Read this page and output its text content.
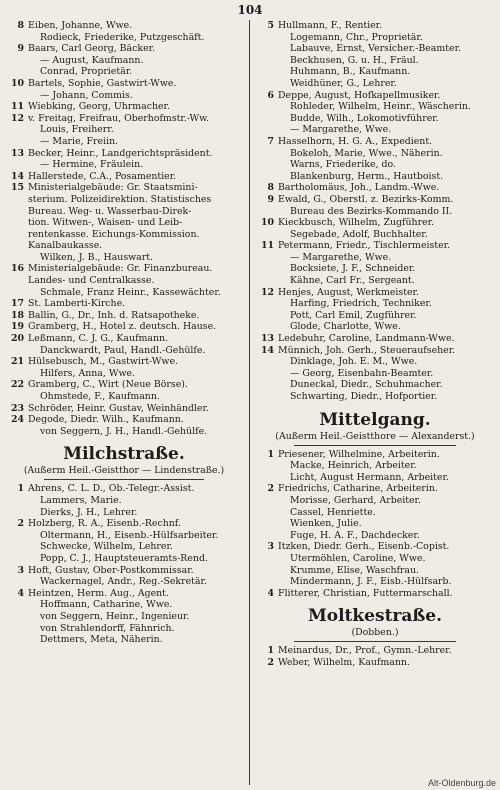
104
8 Eiben, Johanne, Wwe.
Rodieck, Friederike, Putzgeschäft.
9 Baars, Carl Georg, Bäcker.
— August, Kaufmann.
Conrad, Proprietär.
10 Bartels, Sophie, Gastwirt-Wwe.
— Johann, Commis.
11 Wiebking, Georg, Uhrmacher.
12 v. Freitag, Freifrau, Oberhofmstr.-Ww.
Louis, Freiherr.
— Marie, Freiin.
13 Becker, Heinr., Landgerichtspräsident.
— Hermine, Fräulein.
14 Hallerstede, C.A., Posamentier.
15 Ministerialgebäude: Gr. Staatsmini-
sterium. Polizeidirektion. Statistisches
Bureau. Weg- u. Wasserbau-Direk-
tion. Witwen-, Waisen- und Leib-
rentenkasse. Eichungs-Kommission.
Kanalbaukasse.
Wilken, J. B., Hauswart.
16 Ministerialgebäude: Gr. Finanzbureau.
Landes- und Centralkasse.
Schmale, Franz Heinr., Kassewächter.
17 St. Lamberti-Kirche.
18 Ballin, G., Dr., Inh. d. Ratsapotheke.
19 Gramberg, H., Hotel z. deutsch. Hause.
20 Leßmann, C. J. G., Kaufmann.
Danckwardt, Paul, Handl.-Gehülfe.
21 Hülsebusch, M., Gastwirt-Wwe.
Hilfers, Anna, Wwe.
22 Gramberg, C., Wirt (Neue Börse).
Ohmstede, F., Kaufmann.
23 Schröder, Heinr. Gustav, Weinhändler.
24 Degode, Diedr. Wilh., Kaufmann.
von Seggern, J. H., Handl.-Gehülfe.
Milchstraße.
(Außerm Heil.-Geistthor — Lindenstraße.)
1 Ahrens, C. L. D., Ob.-Telegr.-Assist.
Lammers, Marie.
Dierks, J. H., Lehrer.
2 Holzberg, R. A., Eisenb.-Rechnf.
Oltermann, H., Eisenb.-Hülfsarbeiter.
Schwecke, Wilhelm, Lehrer.
Popp, C. J., Hauptsteueramts-Rend.
3 Hoft, Gustav, Ober-Postkommissar.
Wackernagel, Andr., Reg.-Sekretär.
4 Heintzen, Herm. Aug., Agent.
Hoffmann, Catharine, Wwe.
von Seggern, Heinr., Ingenieur.
von Strahlendorff, Fähnrich.
Dettmers, Meta, Näherin.
5 Hullmann, F., Rentier.
Logemann, Chr., Proprietär.
Labauve, Ernst, Versicher.-Beamter.
Beckhusen, G. u. H., Fräul.
Huhmann, B., Kaufmann.
Weidhüner, G., Lehrer.
6 Deppe, August, Hofkapellmusiker.
Rohleder, Wilhelm, Heinr., Wäscherin.
Budde, Wilh., Lokomotivführer.
— Margarethe, Wwe.
7 Hasselhorn, H. G. A., Expedient.
Bokeloh, Marie, Wwe., Näherin.
Warns, Friederike, do.
Blankenburg, Herm., Hautboist.
8 Bartholomäus, Joh., Landm.-Wwe.
9 Ewald, G., Oberstl. z. Bezirks-Komm.
Bureau des Bezirks-Kommando II.
10 Kieckbusch, Wilhelm, Zugführer.
Segebade, Adolf, Buchhalter.
11 Petermann, Friedr., Tischlermeister.
— Margarethe, Wwe.
Bocksiete, J. F., Schneider.
Kähne, Carl Fr., Sergeant.
12 Henjes, August, Werkmeister.
Harfing, Friedrich, Techniker.
Pott, Carl Emil, Zugführer.
Glode, Charlotte, Wwe.
13 Ledebuhr, Caroline, Landmann-Wwe.
14 Münnich, Joh. Gerh., Steueraufseher.
Dinklage, Joh. E. M., Wwe.
— Georg, Eisenbahn-Beamter.
Duneckal, Diedr., Schuhmacher.
Schwarting, Diedr., Hofportier.
Mittelgang.
(Außerm Heil.-Geistthore — Alexanderst.)
1 Priesener, Wilhelmine, Arbeiterin.
Macke, Heinrich, Arbeiter.
Licht, August Hermann, Arbeiter.
2 Friedrichs, Catharine, Arbeiterin.
Morisse, Gerhard, Arbeiter.
Cassel, Henriette.
Wienken, Julie.
Fuge, H. A. F., Dachdecker.
3 Itzken, Diedr. Gerh., Eisenb.-Copist.
Utermöhlen, Caroline, Wwe.
Krumme, Elise, Waschfrau.
Mindermann, J. F., Eisb.-Hülfsarb.
4 Flitterer, Christian, Futtermarschall.
Moltkestraße.
(Dobben.)
1 Meinardus, Dr., Prof., Gymn.-Lehrer.
2 Weber, Wilhelm, Kaufmann.
Alt-Oldenburg.de
